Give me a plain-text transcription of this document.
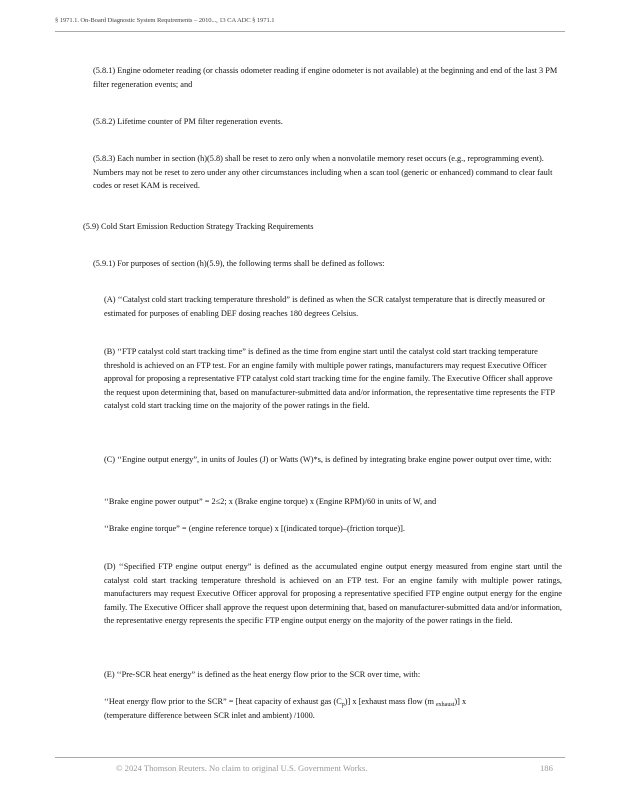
§ 1971.1. On-Board Diagnostic System Requirements – 2010..., 13 CA ADC § 1971.1

(5.8.1) Engine odometer reading (or chassis odometer reading if engine odometer is not available) at the beginning and end of the last 3 PM filter regeneration events; and

(5.8.2) Lifetime counter of PM filter regeneration events.

(5.8.3) Each number in section (h)(5.8) shall be reset to zero only when a nonvolatile memory reset occurs (e.g., reprogramming event). Numbers may not be reset to zero under any other circumstances including when a scan tool (generic or enhanced) command to clear fault codes or reset KAM is received.

(5.9) Cold Start Emission Reduction Strategy Tracking Requirements

(5.9.1) For purposes of section (h)(5.9), the following terms shall be defined as follows:

(A) ‘‘Catalyst cold start tracking temperature threshold” is defined as when the SCR catalyst temperature that is directly measured or estimated for purposes of enabling DEF dosing reaches 180 degrees Celsius.

(B) ‘‘FTP catalyst cold start tracking time” is defined as the time from engine start until the catalyst cold start tracking temperature threshold is achieved on an FTP test. For an engine family with multiple power ratings, manufacturers may request Executive Officer approval for proposing a representative FTP catalyst cold start tracking time for the engine family. The Executive Officer shall approve the request upon determining that, based on manufacturer-submitted data and/or information, the representative time represents the FTP catalyst cold start tracking time on the majority of the power ratings in the field.

(C) ‘‘Engine output energy”, in units of Joules (J) or Watts (W)*s, is defined by integrating brake engine power output over time, with:

‘‘Brake engine power output” = 2≤2; x (Brake engine torque) x (Engine RPM)/60 in units of W, and

‘‘Brake engine torque” = (engine reference torque) x [(indicated torque)–(friction torque)].

(D) ‘‘Specified FTP engine output energy” is defined as the accumulated engine output energy measured from engine start until the catalyst cold start tracking temperature threshold is achieved on an FTP test. For an engine family with multiple power ratings, manufacturers may request Executive Officer approval for proposing a representative specified FTP engine output energy for the engine family. The Executive Officer shall approve the request upon determining that, based on manufacturer-submitted data and/or information, the representative energy represents the specific FTP engine output energy on the majority of the power ratings in the field.

(E) ‘‘Pre-SCR heat energy” is defined as the heat energy flow prior to the SCR over time, with:

‘‘Heat energy flow prior to the SCR” = [heat capacity of exhaust gas $(C_p)$] x [exhaust mass flow (m $_{exhaust}$)] x

(temperature difference between SCR inlet and ambient) /1000.

© 2024 Thomson Reuters. No claim to original U.S. Government Works.	186
